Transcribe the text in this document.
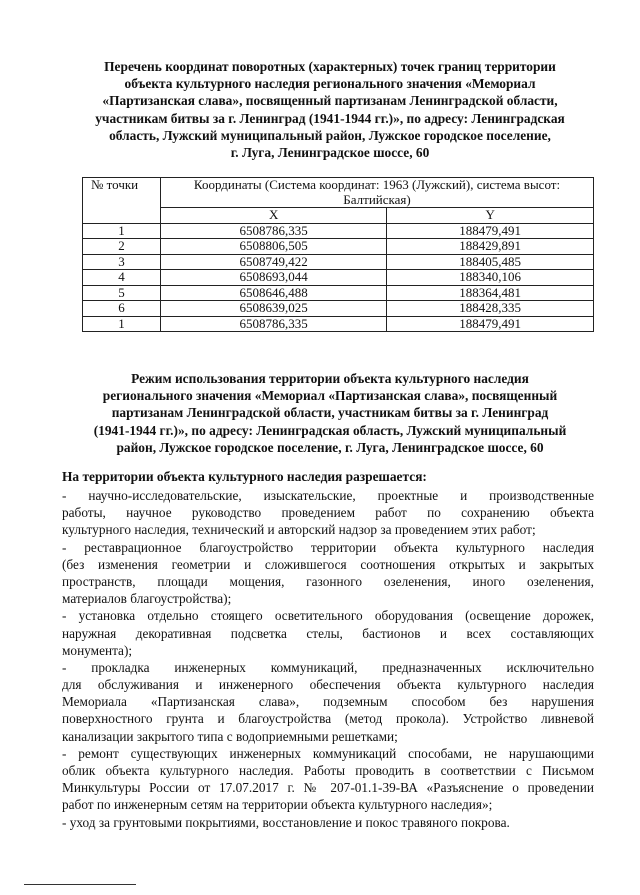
Перечень координат поворотных (характерных) точек границ территории
объекта культурного наследия регионального значения «Мемориал
«Партизанская слава», посвященный партизанам Ленинградской области,
участникам битвы за г. Ленинград (1941-1944 гг.)», по адресу: Ленинградская
область, Лужский муниципальный район, Лужское городское поселение,
г. Луга, Ленинградское шоссе, 60
№ точки	Координаты (Система координат: 1963 (Лужский), система высот: Балтийская)	
	X	Y
1	6508786,335	188479,491
2	6508806,505	188429,891
3	6508749,422	188405,485
4	6508693,044	188340,106
5	6508646,488	188364,481
6	6508639,025	188428,335
1	6508786,335	188479,491
Режим использования территории объекта культурного наследия
регионального значения «Мемориал «Партизанская слава», посвященный
партизанам Ленинградской области, участникам битвы за г. Ленинград
(1941-1944 гг.)», по адресу: Ленинградская область, Лужский муниципальный
район, Лужское городское поселение, г. Луга, Ленинградское шоссе, 60
На территории объекта культурного наследия разрешается:
- научно-исследовательские, изыскательские, проектные и производственные
работы, научное руководство проведением работ по сохранению объекта
культурного наследия, технический и авторский надзор за проведением этих работ;
- реставрационное благоустройство территории объекта культурного наследия
(без изменения геометрии и сложившегося соотношения открытых и закрытых
пространств, площади мощения, газонного озеленения, иного озеленения,
материалов благоустройства);
- установка отдельно стоящего осветительного оборудования (освещение дорожек,
наружная декоративная подсветка стелы, бастионов и всех составляющих
монумента);
- прокладка инженерных коммуникаций, предназначенных исключительно
для обслуживания и инженерного обеспечения объекта культурного наследия
Мемориала «Партизанская слава», подземным способом без нарушения
поверхностного грунта и благоустройства (метод прокола). Устройство ливневой
канализации закрытого типа с водоприемными решетками;
- ремонт существующих инженерных коммуникаций способами, не нарушающими
облик объекта культурного наследия. Работы проводить в соответствии с Письмом
Минкультуры России от 17.07.2017 г. № 207-01.1-39-ВА «Разъяснение о проведении
работ по инженерным сетям на территории объекта культурного наследия»;
- уход за грунтовыми покрытиями, восстановление и покос травяного покрова.
